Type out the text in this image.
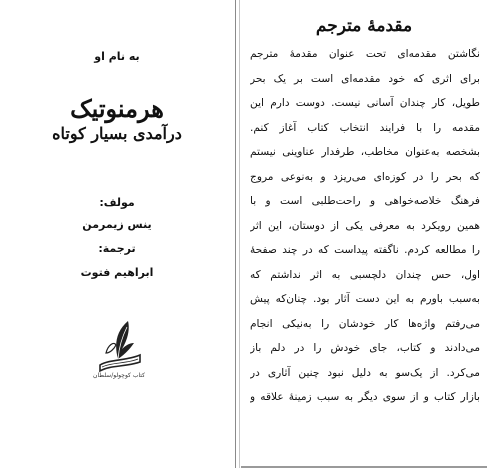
به نام او
هرمنوتیک
درآمدی بسیار کوتاه
مولف:
ینس زیمرمن
ترجمة:
ابراهیم فتوت
کتاب کوچولو/سلطان
مقدمهٔ مترجم
نگاشتن مقدمه‌ای تحت عنوان مقدمهٔ مترجم
برای اثری که خود مقدمه‌ای است بر یک بحر
طویل، کار چندان آسانی نیست. دوست دارم این
مقدمه را با فرایند انتخاب کتاب آغاز کنم.
بشخصه به‌عنوان مخاطب، طرفدار عناوینی نیستم
که بحر را در کوزه‌ای می‌ریزد و به‌نوعی مروج
فرهنگ خلاصه‌خواهی و راحت‌طلبی است و با
همین رویکرد به معرفی یکی از دوستان، این اثر
را مطالعه کردم. ناگفته پیداست که در چند صفحهٔ
اول، حس چندان دلچسبی به اثر نداشتم که
به‌سبب باورم به این دست آثار بود. چنان‌که پیش
می‌رفتم واژه‌ها کار خودشان را به‌نیکی انجام
می‌دادند و کتاب، جای خودش را در دلم باز
می‌کرد. از یک‌سو به دلیل نبود چنین آثاری در
بازار کتاب و از سوی دیگر به سبب زمینهٔ علاقه و
